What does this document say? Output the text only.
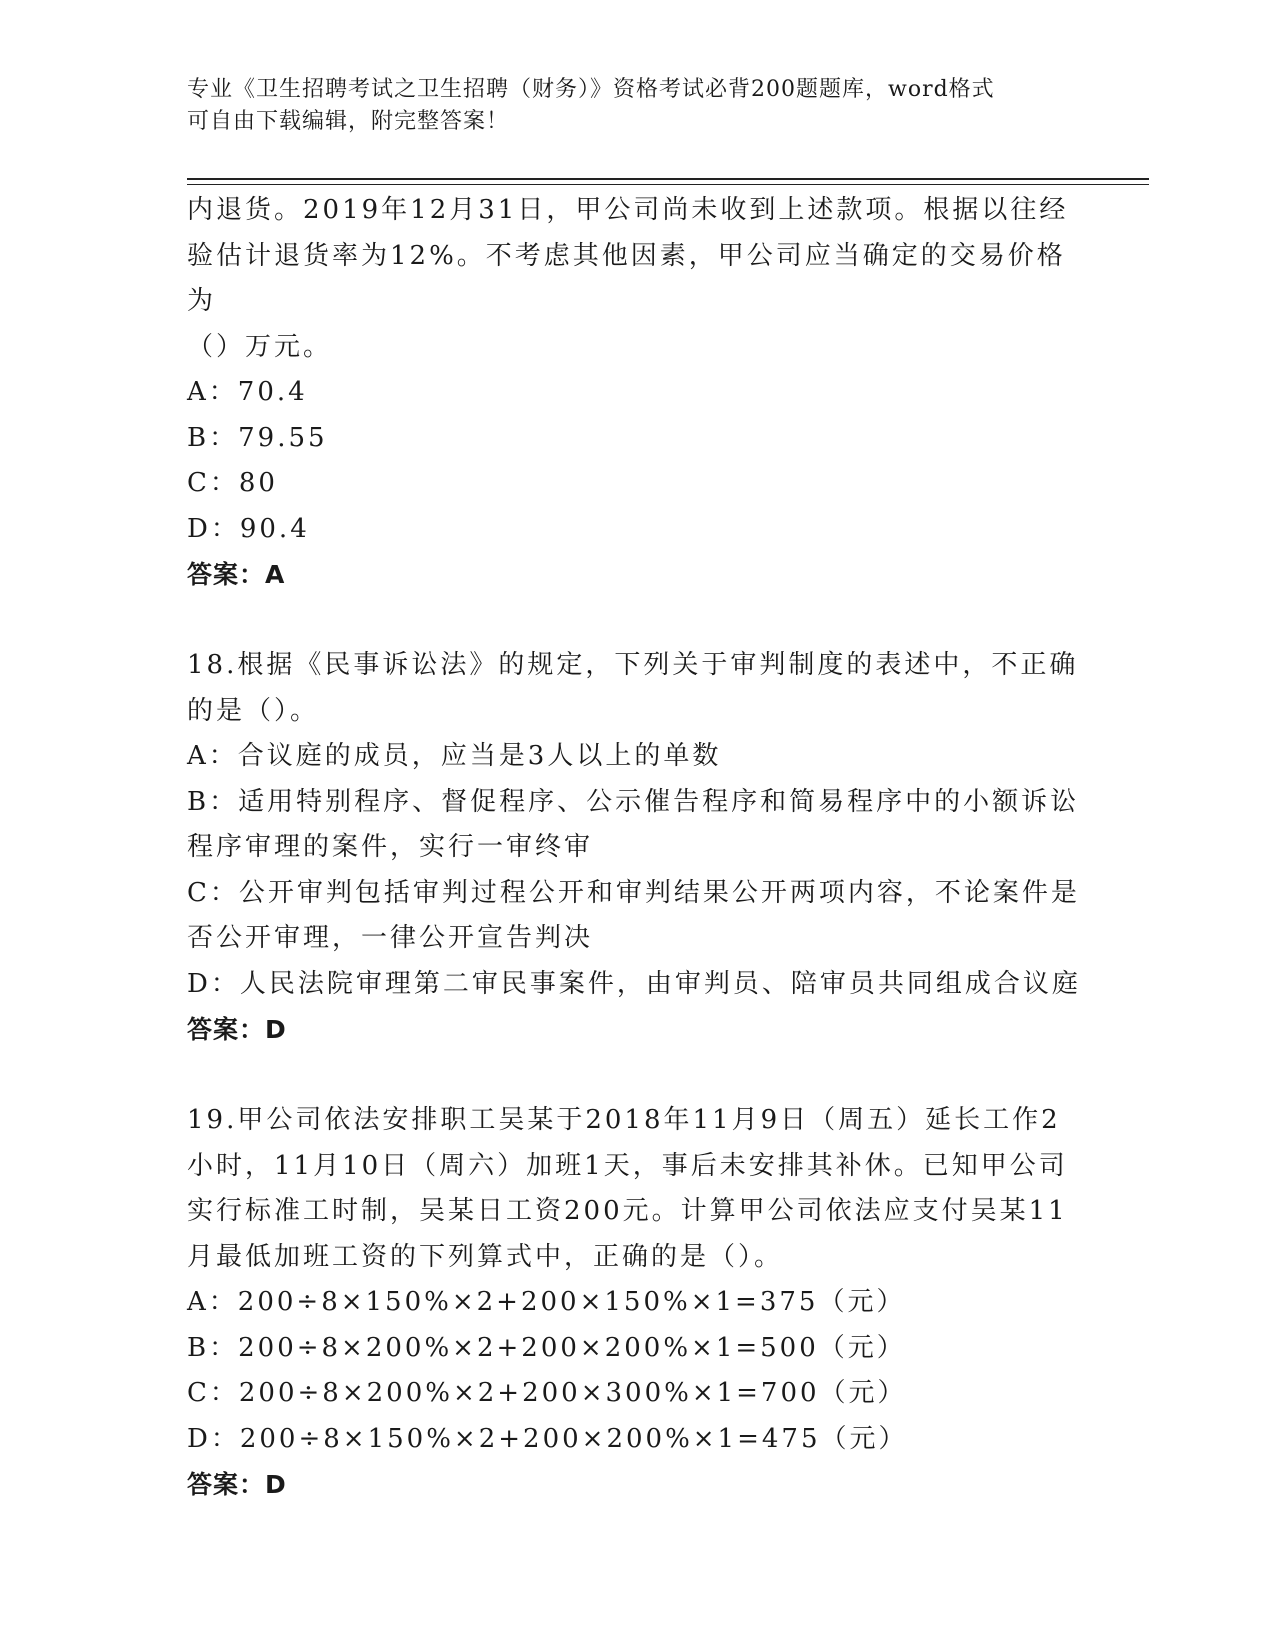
专业《卫生招聘考试之卫生招聘（财务）》资格考试必背200题题库，word格式
可自由下载编辑，附完整答案！

内退货。2019年12月31日，甲公司尚未收到上述款项。根据以往经

验估计退货率为12%。不考虑其他因素，甲公司应当确定的交易价格为

（）万元。

A：70.4

B：79.55

C：80

D：90.4

答案：A

18.根据《民事诉讼法》的规定，下列关于审判制度的表述中，不正确

的是（）。

A：合议庭的成员，应当是3人以上的单数

B：适用特别程序、督促程序、公示催告程序和简易程序中的小额诉讼

程序审理的案件，实行一审终审

C：公开审判包括审判过程公开和审判结果公开两项内容，不论案件是

否公开审理，一律公开宣告判决

D：人民法院审理第二审民事案件，由审判员、陪审员共同组成合议庭

答案：D

19.甲公司依法安排职工吴某于2018年11月9日（周五）延长工作2

小时，11月10日（周六）加班1天，事后未安排其补休。已知甲公司

实行标准工时制，吴某日工资200元。计算甲公司依法应支付吴某11

月最低加班工资的下列算式中，正确的是（）。

A：200÷8×150%×2+200×150%×1=375（元）

B：200÷8×200%×2+200×200%×1=500（元）

C：200÷8×200%×2+200×300%×1=700（元）

D：200÷8×150%×2+200×200%×1=475（元）

答案：D
